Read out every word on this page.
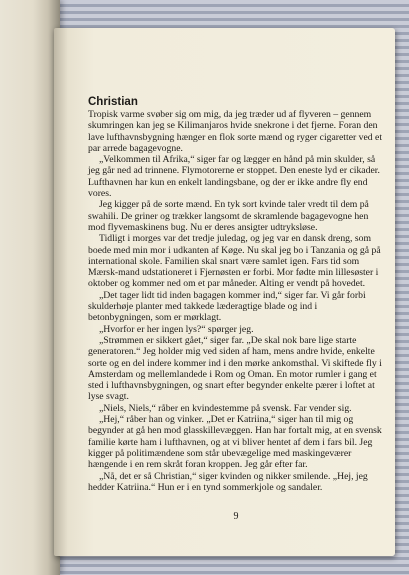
Christian

Tropisk varme svøber sig om mig, da jeg træder ud af flyveren – gennem skumringen kan jeg se Kilimanjaros hvide snekrone i det fjerne. Foran den lave lufthavnsbygning hænger en flok sorte mænd og ryger cigaretter ved et par arrede bagagevogne.

„Velkommen til Afrika,“ siger far og lægger en hånd på min skulder, så jeg går ned ad trinnene. Flymotorerne er stoppet. Den eneste lyd er cikader. Lufthavnen har kun en enkelt landingsbane, og der er ikke andre fly end vores.

Jeg kigger på de sorte mænd. En tyk sort kvinde taler vredt til dem på swahili. De griner og trækker langsomt de skramlende bagagevogne hen mod flyvemaskinens bug. Nu er deres ansigter udtryksløse.

Tidligt i morges var det tredje juledag, og jeg var en dansk dreng, som boede med min mor i udkanten af Køge. Nu skal jeg bo i Tanzania og gå på international skole. Familien skal snart være samlet igen. Fars tid som Mærsk-mand udstationeret i Fjernøsten er forbi. Mor fødte min lillesøster i oktober og kommer ned om et par måneder. Alting er vendt på hovedet.

„Det tager lidt tid inden bagagen kommer ind,“ siger far. Vi går forbi skulderhøje planter med takkede læderagtige blade og ind i betonbygningen, som er mørklagt.

„Hvorfor er her ingen lys?“ spørger jeg.

„Strømmen er sikkert gået,“ siger far. „De skal nok bare lige starte generatoren.“ Jeg holder mig ved siden af ham, mens andre hvide, enkelte sorte og en del indere kommer ind i den mørke ankomsthal. Vi skiftede fly i Amsterdam og mellemlandede i Rom og Oman. En motor rumler i gang et sted i lufthavnsbygningen, og snart efter begynder enkelte pærer i loftet at lyse svagt.

„Niels, Niels,“ råber en kvindestemme på svensk. Far vender sig.

„Hej,“ råber han og vinker. „Det er Katriina,“ siger han til mig og begynder at gå hen mod glasskillevæggen. Han har fortalt mig, at en svensk familie kørte ham i lufthavnen, og at vi bliver hentet af dem i fars bil. Jeg kigger på politimændene som står ubevægelige med maskingeværer hængende i en rem skråt foran kroppen. Jeg går efter far.

„Nå, det er så Christian,“ siger kvinden og nikker smilende. „Hej, jeg hedder Katriina.“ Hun er i en tynd sommerkjole og sandaler.

9
